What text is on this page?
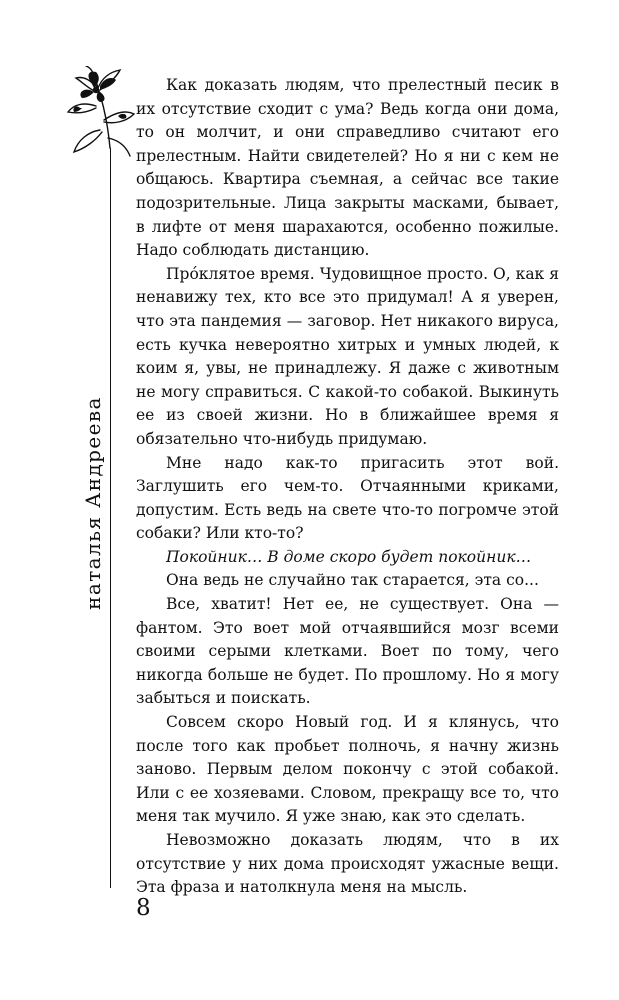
наталья Андреева

Как доказать людям, что прелестный песик в их отсутствие сходит с ума? Ведь когда они дома, то он молчит, и они справедливо считают его прелестным. Найти свидетелей? Но я ни с кем не общаюсь. Квартира съемная, а сейчас все такие подозрительные. Лица закрыты масками, бывает, в лифте от меня шарахаются, особенно пожилые. Надо соблюдать дистанцию.

Прóклятое время. Чудовищное просто. О, как я ненавижу тех, кто все это придумал! А я уверен, что эта пандемия — заговор. Нет никакого вируса, есть кучка невероятно хитрых и умных людей, к коим я, увы, не принадлежу. Я даже с животным не могу справиться. С какой-то собакой. Выкинуть ее из своей жизни. Но в ближайшее время я обязательно что-нибудь придумаю.

Мне надо как-то пригасить этот вой. Заглушить его чем-то. Отчаянными криками, допустим. Есть ведь на свете что-то погромче этой собаки? Или кто-то?

Покойник… В доме скоро будет покойник…

Она ведь не случайно так старается, эта со...

Все, хватит! Нет ее, не существует. Она — фантом. Это воет мой отчаявшийся мозг всеми своими серыми клетками. Воет по тому, чего никогда больше не будет. По прошлому. Но я могу забыться и поискать.

Совсем скоро Новый год. И я клянусь, что после того как пробьет полночь, я начну жизнь заново. Первым делом покончу с этой собакой. Или с ее хозяевами. Словом, прекращу все то, что меня так мучило. Я уже знаю, как это сделать.

Невозможно доказать людям, что в их отсутствие у них дома происходят ужасные вещи. Эта фраза и натолкнула меня на мысль.

8
